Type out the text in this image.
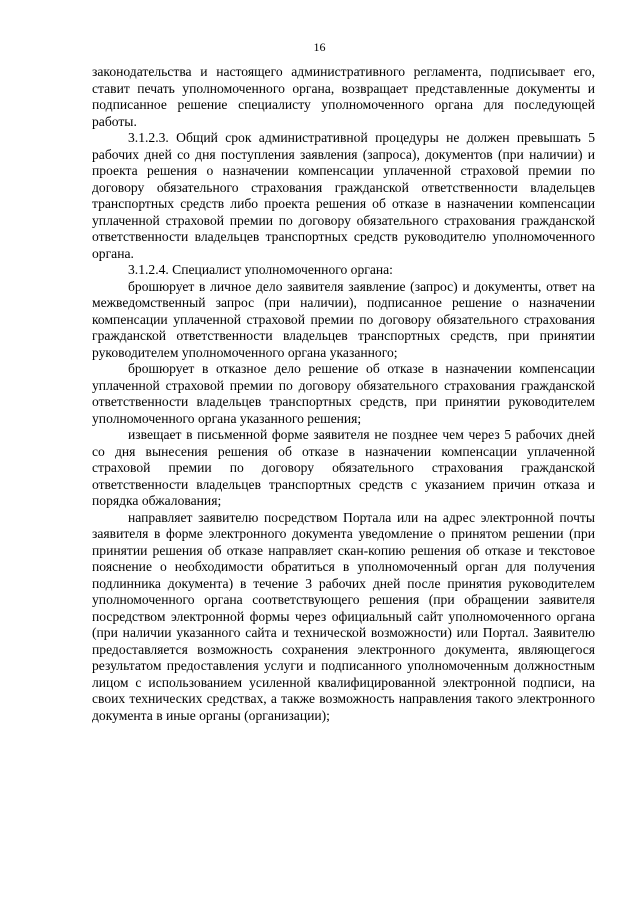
16

законодательства и настоящего административного регламента, подписывает его, ставит печать уполномоченного органа, возвращает представленные документы и подписанное решение специалисту уполномоченного органа для последующей работы.

3.1.2.3. Общий срок административной процедуры не должен превышать 5 рабочих дней со дня поступления заявления (запроса), документов (при наличии) и проекта решения о назначении компенсации уплаченной страховой премии по договору обязательного страхования гражданской ответственности владельцев транспортных средств либо проекта решения об отказе в назначении компенсации уплаченной страховой премии по договору обязательного страхования гражданской ответственности владельцев транспортных средств руководителю уполномоченного органа.

3.1.2.4. Специалист уполномоченного органа:

брошюрует в личное дело заявителя заявление (запрос) и документы, ответ на межведомственный запрос (при наличии), подписанное решение о назначении компенсации уплаченной страховой премии по договору обязательного страхования гражданской ответственности владельцев транспортных средств, при принятии руководителем уполномоченного органа указанного;

брошюрует в отказное дело решение об отказе в назначении компенсации уплаченной страховой премии по договору обязательного страхования гражданской ответственности владельцев транспортных средств, при принятии руководителем уполномоченного органа указанного решения;

извещает в письменной форме заявителя не позднее чем через 5 рабочих дней со дня вынесения решения об отказе в назначении компенсации уплаченной страховой премии по договору обязательного страхования гражданской ответственности владельцев транспортных средств с указанием причин отказа и порядка обжалования;

направляет заявителю посредством Портала или на адрес электронной почты заявителя в форме электронного документа уведомление о принятом решении (при принятии решения об отказе направляет скан-копию решения об отказе и текстовое пояснение о необходимости обратиться в уполномоченный орган для получения подлинника документа) в течение 3 рабочих дней после принятия руководителем уполномоченного органа соответствующего решения (при обращении заявителя посредством электронной формы через официальный сайт уполномоченного органа (при наличии указанного сайта и технической возможности) или Портал. Заявителю предоставляется возможность сохранения электронного документа, являющегося результатом предоставления услуги и подписанного уполномоченным должностным лицом с использованием усиленной квалифицированной электронной подписи, на своих технических средствах, а также возможность направления такого электронного документа в иные органы (организации);
